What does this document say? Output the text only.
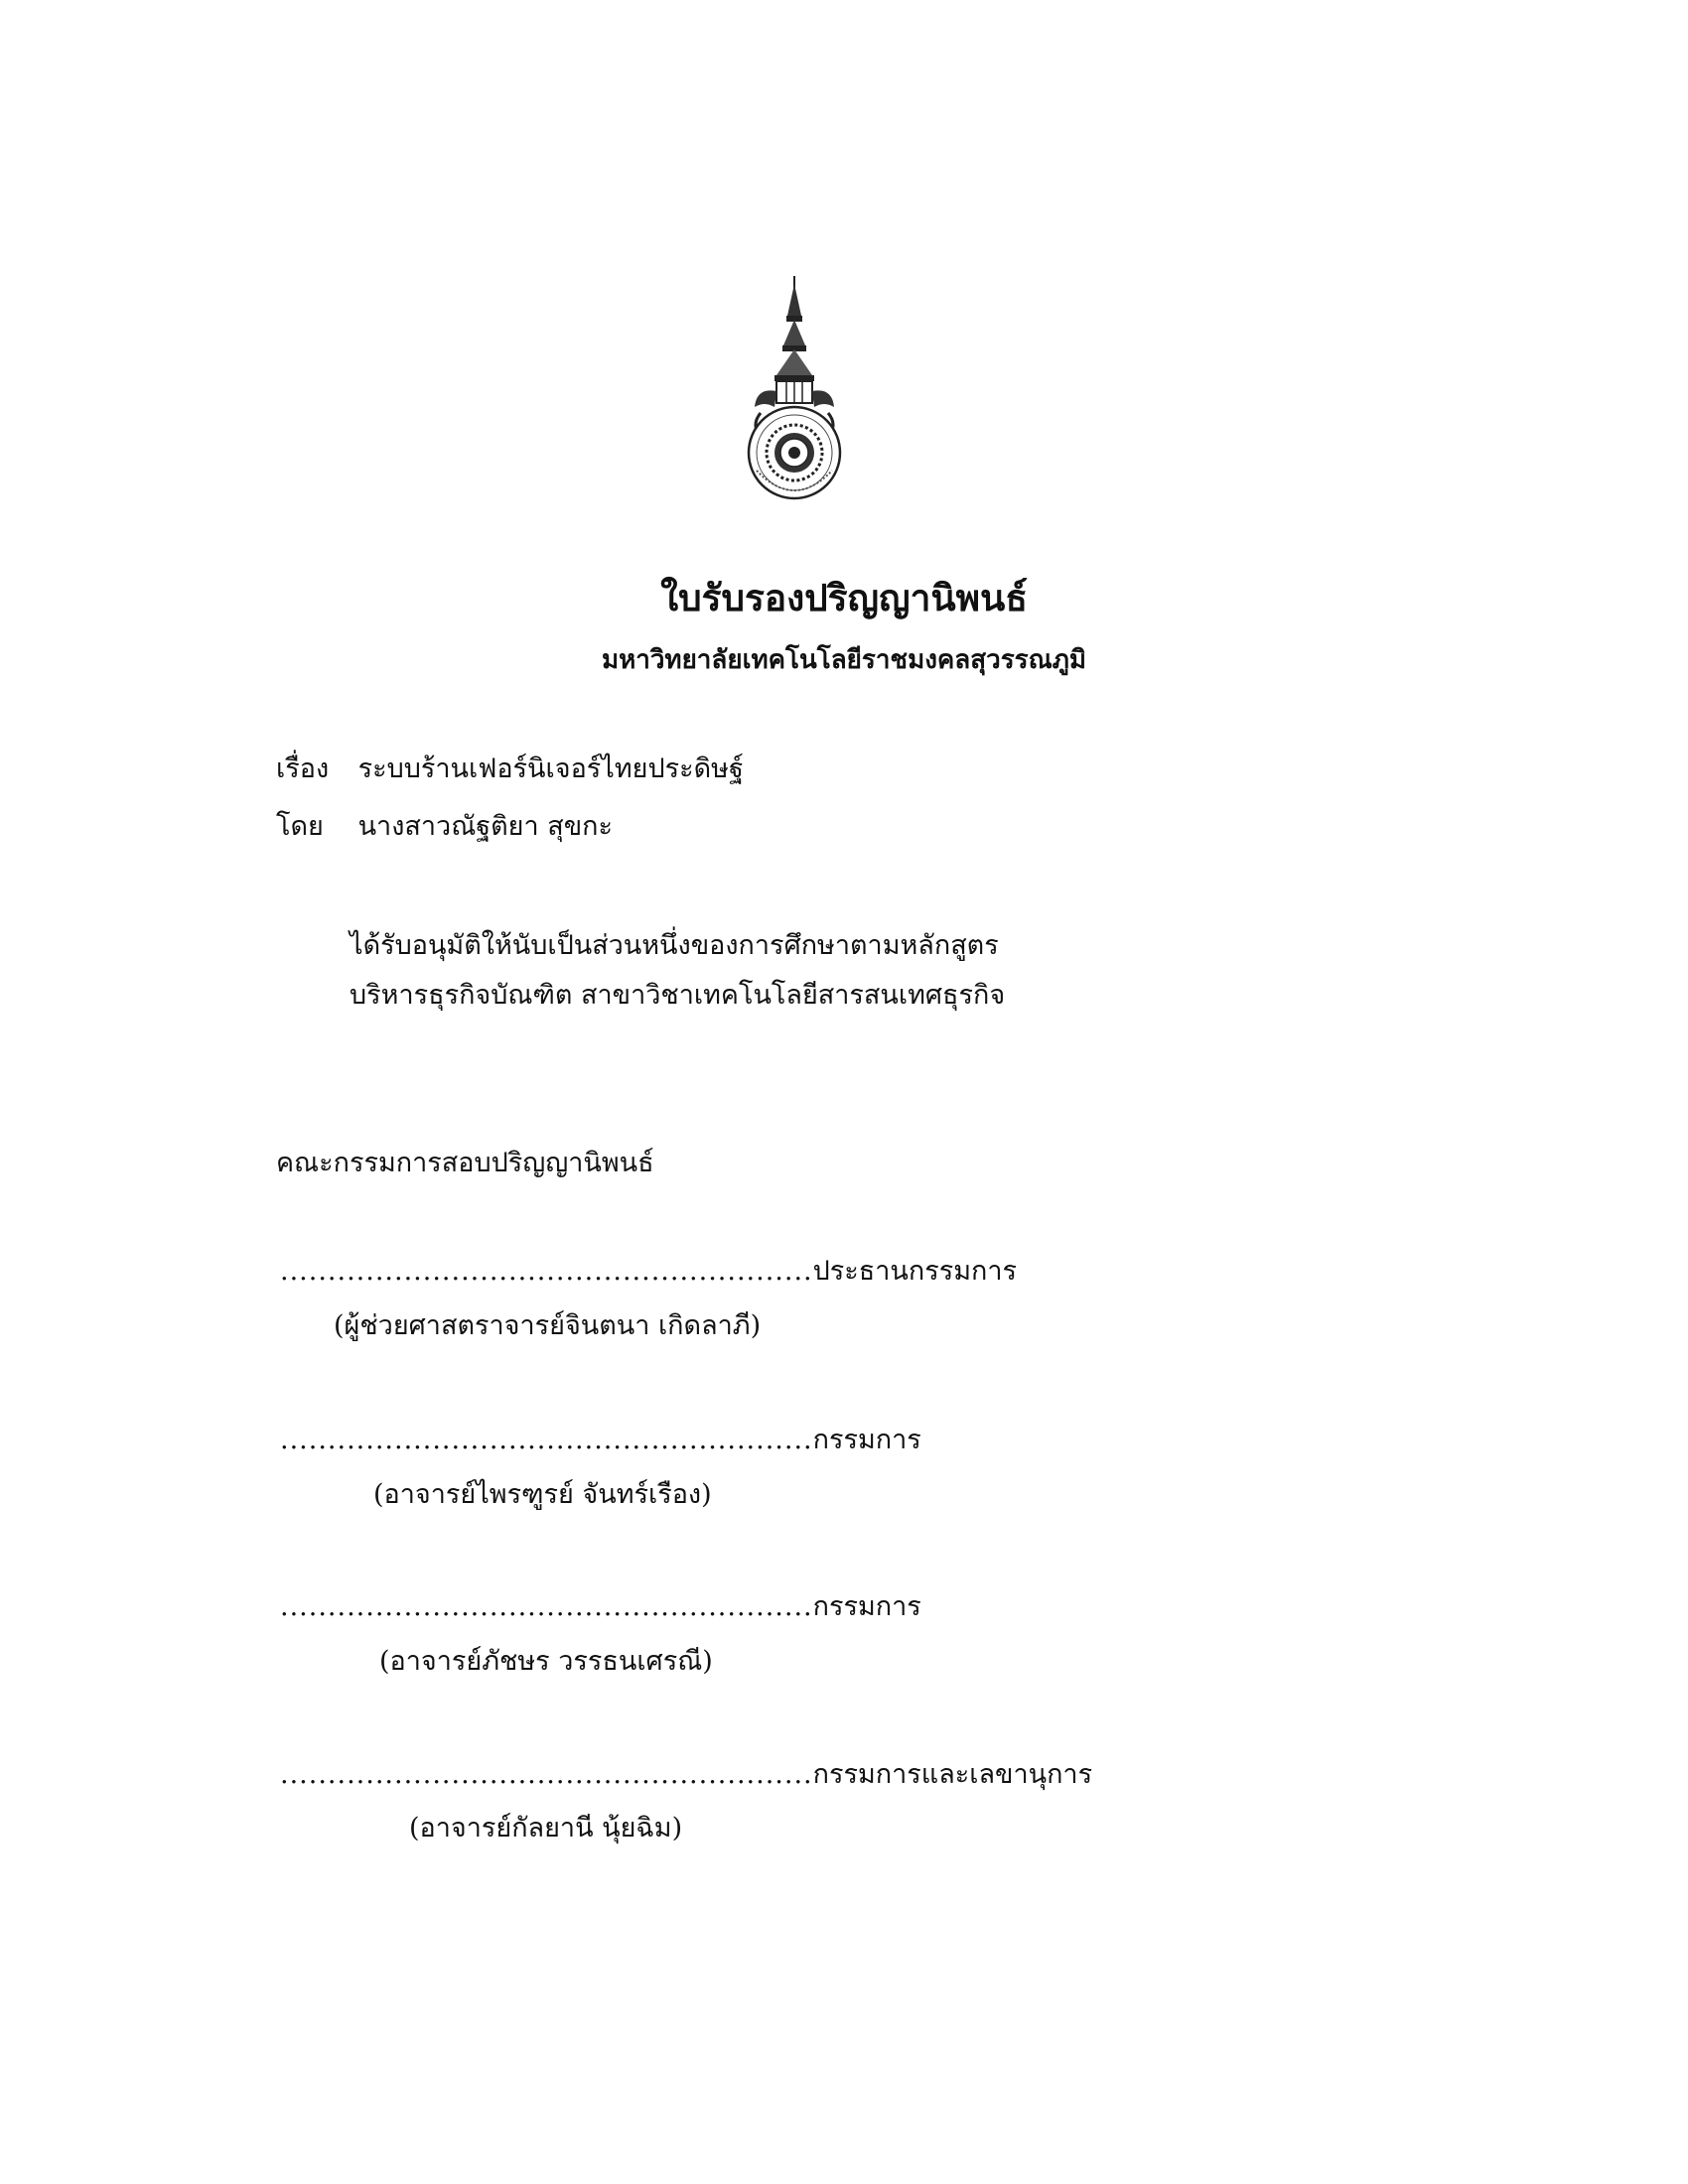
ใบรับรองปริญญานิพนธ์
มหาวิทยาลัยเทคโนโลยีราชมงคลสุวรรณภูมิ
เรื่อง ระบบร้านเฟอร์นิเจอร์ไทยประดิษฐ์
โดย นางสาวณัฐติยา สุขกะ
ได้รับอนุมัติให้นับเป็นส่วนหนึ่งของการศึกษาตามหลักสูตร
บริหารธุรกิจบัณฑิต สาขาวิชาเทคโนโลยีสารสนเทศธุรกิจ
คณะกรรมการสอบปริญญานิพนธ์
........................................................ประธานกรรมการ
(ผู้ช่วยศาสตราจารย์จินตนา เกิดลาภี)
........................................................กรรมการ
(อาจารย์ไพรฑูรย์ จันทร์เรือง)
........................................................กรรมการ
(อาจารย์ภัชษร วรรธนเศรณี)
........................................................กรรมการและเลขานุการ
(อาจารย์กัลยานี นุ้ยฉิม)
